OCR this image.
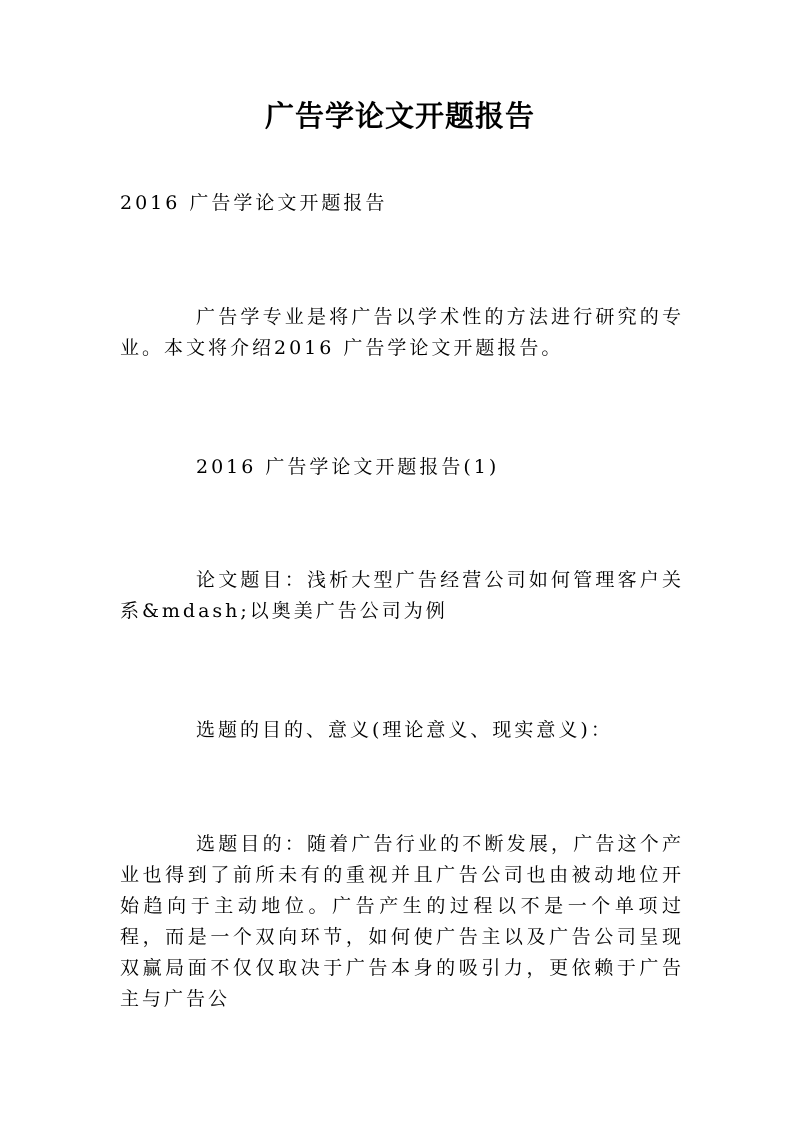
广告学论文开题报告

2016 广告学论文开题报告

广告学专业是将广告以学术性的方法进行研究的专业。本文将介绍2016 广告学论文开题报告。

2016 广告学论文开题报告(1)

论文题目：浅析大型广告经营公司如何管理客户关系&mdash;以奥美广告公司为例

选题的目的、意义(理论意义、现实意义)：

选题目的：随着广告行业的不断发展，广告这个产业也得到了前所未有的重视并且广告公司也由被动地位开始趋向于主动地位。广告产生的过程以不是一个单项过程，而是一个双向环节，如何使广告主以及广告公司呈现双赢局面不仅仅取决于广告本身的吸引力，更依赖于广告主与广告公
